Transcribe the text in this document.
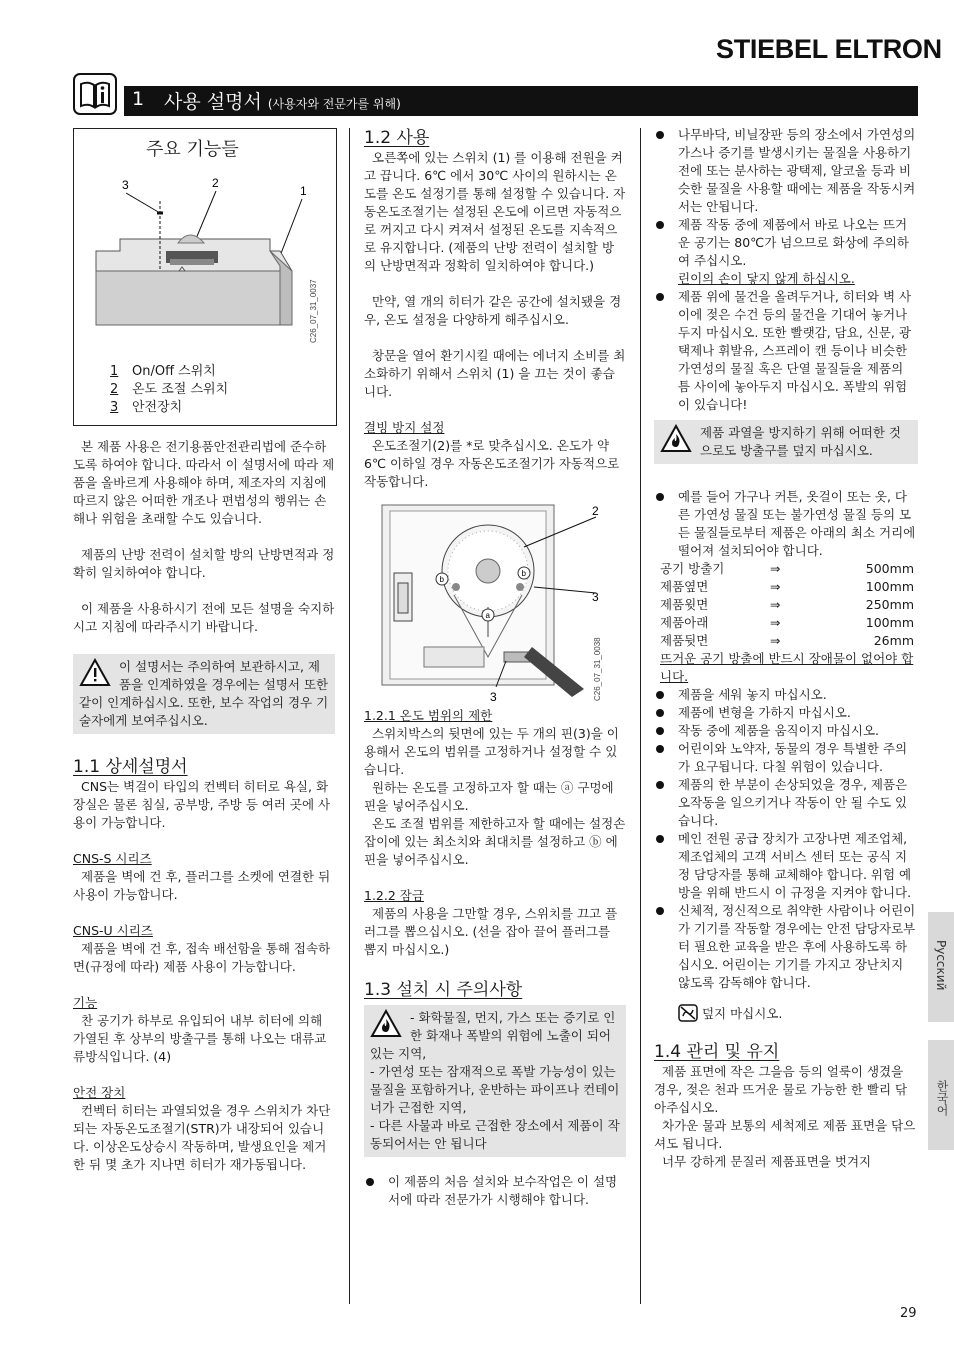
STIEBEL ELTRON
1 사용 설명서 (사용자와 전문가를 위해)
주요 기능들
3	2
1
C26_07_31_0037
1 On/Off 스위치
2 온도 조절 스위치
3 안전장치

본 제품 사용은 전기용품안전관리법에 준수하도록 하여야 합니다. 따라서 이 설명서에 따라 제품을 올바르게 사용해야 하며, 제조자의 지침에 따르지 않은 어떠한 개조나 편법성의 행위는 손해나 위험을 초래할 수도 있습니다.

제품의 난방 전력이 설치할 방의 난방면적과 정확히 일치하여야 합니다.

이 제품을 사용하시기 전에 모든 설명을 숙지하시고 지침에 따라주시기 바랍니다.

이 설명서는 주의하여 보관하시고, 제품을 인계하였을 경우에는 설명서 또한 같이 인계하십시오. 또한, 보수 작업의 경우 기술자에게 보여주십시오.
1.1 상세설명서

CNS는 벽걸이 타입의 컨벡터 히터로 욕실, 화장실은 물론 침실, 공부방, 주방 등 여러 곳에 사용이 가능합니다.

CNS-S 시리즈

제품을 벽에 건 후, 플러그를 소켓에 연결한 뒤 사용이 가능합니다.

CNS-U 시리즈

제품을 벽에 건 후, 접속 배선함을 통해 접속하면(규정에 따라) 제품 사용이 가능합니다.

기능

찬 공기가 하부로 유입되어 내부 히터에 의해 가열된 후 상부의 방출구를 통해 나오는 대류교류방식입니다. (4)

안전 장치

컨벡터 히터는 과열되었을 경우 스위치가 차단되는 자동온도조절기(STR)가 내장되어 있습니다. 이상온도상승시 작동하며, 발생요인을 제거한 뒤 몇 초가 지나면 히터가 재가동됩니다.

1.2 사용

오른쪽에 있는 스위치 (1) 를 이용해 전원을 켜고 끕니다. 6℃ 에서 30℃ 사이의 원하시는 온도를 온도 설정기를 통해 설정할 수 있습니다. 자동온도조절기는 설정된 온도에 이르면 자동적으로 꺼지고 다시 켜져서 설정된 온도를 지속적으로 유지합니다. (제품의 난방 전력이 설치할 방의 난방면적과 정확히 일치하여야 합니다.)

만약, 열 개의 히터가 같은 공간에 설치됐을 경우, 온도 설정을 다양하게 해주십시오.

창문을 열어 환기시킬 때에는 에너지 소비를 최소화하기 위해서 스위치 (1) 을 끄는 것이 좋습니다.

결빙 방지 설정

온도조절기(2)를 *로 맞추십시오. 온도가 약 6℃ 이하일 경우 자동온도조절기가 자동적으로 작동합니다.

b
b
a
2
3
3	C26_07_31_0038
1.2.1 온도 범위의 제한
스위치박스의 뒷면에 있는 두 개의 핀(3)을 이용해서 온도의 범위를 고정하거나 설정할 수 있습니다.
원하는 온도를 고정하고자 할 때는 ⓐ 구멍에 핀을 넣어주십시오.

온도 조절 범위를 제한하고자 할 때에는 설정손잡이에 있는 최소치와 최대치를 설정하고 ⓑ 에 핀을 넣어주십시오.

1.2.2 잠금

제품의 사용을 그만할 경우, 스위치를 끄고 플러그를 뽑으십시오. (선을 잡아 끌어 플러그를 뽑지 마십시오.)

1.3 설치 시 주의사항
- 화학물질, 먼지, 가스 또는 증기로 인한 화재나 폭발의 위험에 노출이 되어있는 지역,
- 가연성 또는 잠재적으로 폭발 가능성이 있는 물질을 포함하거나, 운반하는 파이프나 컨테이너가 근접한 지역,
- 다른 사물과 바로 근접한 장소에서 제품이 작동되어서는 안 됩니다
이 제품의 처음 설치와 보수작업은 이 설명서에 따라 전문가가 시행해야 합니다.
나무바닥, 비닐장판 등의 장소에서 가연성의 가스나 증기를 발생시키는 물질을 사용하기 전에 또는 분사하는 광택제, 알코올 등과 비슷한 물질을 사용할 때에는 제품을 작동시켜서는 안됩니다.
제품 작동 중에 제품에서 바로 나오는 뜨거운 공기는 80℃가 넘으므로 화상에 주의하여 주십시오.
린이의 손이 닿지 않게 하십시오.
제품 위에 물건을 올려두거나, 히터와 벽 사이에 젖은 수건 등의 물건을 기대어 놓거나 두지 마십시오. 또한 빨랫감, 담요, 신문, 광택제나 휘발유, 스프레이 캔 등이나 비슷한 가연성의 물질 혹은 단열 물질들을 제품의 틈 사이에 놓아두지 마십시오. 폭발의 위험이 있습니다!
제품 과열을 방지하기 위해 어떠한 것으로도 방출구를 덮지 마십시오.
예를 들어 가구나 커튼, 옷걸이 또는 옷, 다른 가연성 물질 또는 불가연성 물질 등의 모든 물질들로부터 제품은 아래의 최소 거리에 떨어져 설치되어야 합니다.
공기 방출기	⇒	500mm
제품옆면	⇒	100mm
제품윗면	⇒	250mm
제품아래	⇒	100mm
제품뒷면	⇒	26mm
뜨거운 공기 방출에 반드시 장애물이 없어야 합니다.
제품을 세워 놓지 마십시오.
제품에 변형을 가하지 마십시오.
작동 중에 제품을 움직이지 마십시오.
어린이와 노약자, 동물의 경우 특별한 주의가 요구됩니다. 다칠 위험이 있습니다.
제품의 한 부분이 손상되었을 경우, 제품은 오작동을 일으키거나 작동이 안 될 수도 있습니다.
메인 전원 공급 장치가 고장나면 제조업체, 제조업체의 고객 서비스 센터 또는 공식 지정 담당자를 통해 교체해야 합니다. 위험 예방을 위해 반드시 이 규정을 지켜야 합니다.
신체적, 정신적으로 취약한 사람이나 어린이가 기기를 작동할 경우에는 안전 담당자로부터 필요한 교육을 받은 후에 사용하도록 하십시오. 어린이는 기기를 가지고 장난치지 않도록 감독해야 합니다.
덮지 마십시오.
1.4 관리 및 유지
제품 표면에 작은 그을음 등의 얼룩이 생겼을 경우, 젖은 천과 뜨거운 물로 가능한 한 빨리 닦아주십시오.
차가운 물과 보통의 세척제로 제품 표면을 닦으셔도 됩니다.
너무 강하게 문질러 제품표면을 벗겨지
Русский
한국어
29
